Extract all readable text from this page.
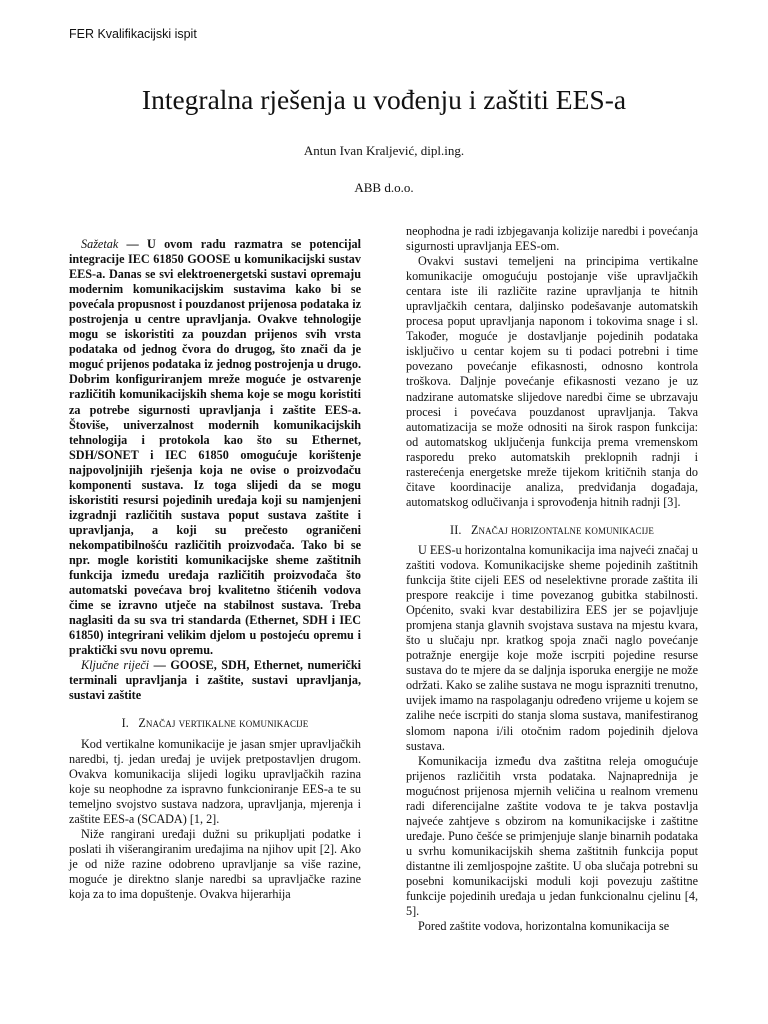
FER Kvalifikacijski ispit
Integralna rješenja u vođenju i zaštiti EES-a
Antun Ivan Kraljević, dipl.ing.
ABB d.o.o.

Sažetak — U ovom radu razmatra se potencijal integracije IEC 61850 GOOSE u komunikacijski sustav EES-a. Danas se svi elektroenergetski sustavi opremaju modernim komunikacijskim sustavima kako bi se povećala propusnost i pouzdanost prijenosa podataka iz postrojenja u centre upravljanja. Ovakve tehnologije mogu se iskoristiti za pouzdan prijenos svih vrsta podataka od jednog čvora do drugog, što znači da je moguć prijenos podataka iz jednog postrojenja u drugo. Dobrim konfiguriranjem mreže moguće je ostvarenje različitih komunikacijskih shema koje se mogu koristiti za potrebe sigurnosti upravljanja i zaštite EES-a. Štoviše, univerzalnost modernih komunikacijskih tehnologija i protokola kao što su Ethernet, SDH/SONET i IEC 61850 omogućuje korištenje najpovoljnijih rješenja koja ne ovise o proizvođaču komponenti sustava. Iz toga slijedi da se mogu iskoristiti resursi pojedinih uređaja koji su namjenjeni izgradnji različitih sustava poput sustava zaštite i upravljanja, a koji su prečesto ograničeni nekompatibilnošću različitih proizvođača. Tako bi se npr. mogle koristiti komunikacijske sheme zaštitnih funkcija između uređaja različitih proizvođača što automatski povećava broj kvalitetno štićenih vodova čime se izravno utječe na stabilnost sustava. Treba naglasiti da su sva tri standarda (Ethernet, SDH i IEC 61850) integrirani velikim djelom u postojeću opremu i praktički svu novu opremu.

Ključne riječi — GOOSE, SDH, Ethernet, numerički terminali upravljanja i zaštite, sustavi upravljanja, sustavi zaštite

I. Značaj vertikalne komunikacije

Kod vertikalne komunikacije je jasan smjer upravljačkih naredbi, tj. jedan uređaj je uvijek pretpostavljen drugom. Ovakva komunikacija slijedi logiku upravljačkih razina koje su neophodne za ispravno funkcioniranje EES-a te su temeljno svojstvo sustava nadzora, upravljanja, mjerenja i zaštite EES-a (SCADA) [1, 2].

Niže rangirani uređaji dužni su prikupljati podatke i poslati ih višerangiranim uređajima na njihov upit [2]. Ako je od niže razine odobreno upravljanje sa više razine, moguće je direktno slanje naredbi sa upravljačke razine koja za to ima dopuštenje. Ovakva hijerarhija

neophodna je radi izbjegavanja kolizije naredbi i povećanja sigurnosti upravljanja EES-om.

Ovakvi sustavi temeljeni na principima vertikalne komunikacije omogućuju postojanje više upravljačkih centara iste ili različite razine upravljanja te hitnih upravljačkih centara, daljinsko podešavanje automatskih procesa poput upravljanja naponom i tokovima snage i sl. Također, moguće je dostavljanje pojedinih podataka isključivo u centar kojem su ti podaci potrebni i time povezano povećanje efikasnosti, odnosno kontrola troškova. Daljnje povećanje efikasnosti vezano je uz nadzirane automatske slijedove naredbi čime se ubrzavaju procesi i povećava pouzdanost upravljanja. Takva automatizacija se može odnositi na širok raspon funkcija: od automatskog uključenja funkcija prema vremenskom rasporedu preko automatskih preklopnih radnji i rasterećenja energetske mreže tijekom kritičnih stanja do čitave koordinacije analiza, predviđanja događaja, automatskog odlučivanja i sprovođenja hitnih radnji [3].

II. Značaj horizontalne komunikacije

U EES-u horizontalna komunikacija ima najveći značaj u zaštiti vodova. Komunikacijske sheme pojedinih zaštitnih funkcija štite cijeli EES od neselektivne prorade zaštita ili prespore reakcije i time povezanog gubitka stabilnosti. Općenito, svaki kvar destabilizira EES jer se pojavljuje promjena stanja glavnih svojstava sustava na mjestu kvara, što u slučaju npr. kratkog spoja znači naglo povećanje potražnje energije koje može iscrpiti pojedine resurse sustava do te mjere da se daljnja isporuka energije ne može održati. Kako se zalihe sustava ne mogu isprazniti trenutno, uvijek imamo na raspolaganju određeno vrijeme u kojem se zalihe neće iscrpiti do stanja sloma sustava, manifestiranog slomom napona i/ili otočnim radom pojedinih djelova sustava.

Komunikacija između dva zaštitna releja omogućuje prijenos različitih vrsta podataka. Najnaprednija je mogućnost prijenosa mjernih veličina u realnom vremenu radi diferencijalne zaštite vodova te je takva postavlja najveće zahtjeve s obzirom na komunikacijske i zaštitne uređaje. Puno češće se primjenjuje slanje binarnih podataka u svrhu komunikacijskih shema zaštitnih funkcija poput distantne ili zemljospojne zaštite. U oba slučaja potrebni su posebni komunikacijski moduli koji povezuju zaštitne funkcije pojedinih uređaja u jedan funkcionalnu cjelinu [4, 5].

Pored zaštite vodova, horizontalna komunikacija se
